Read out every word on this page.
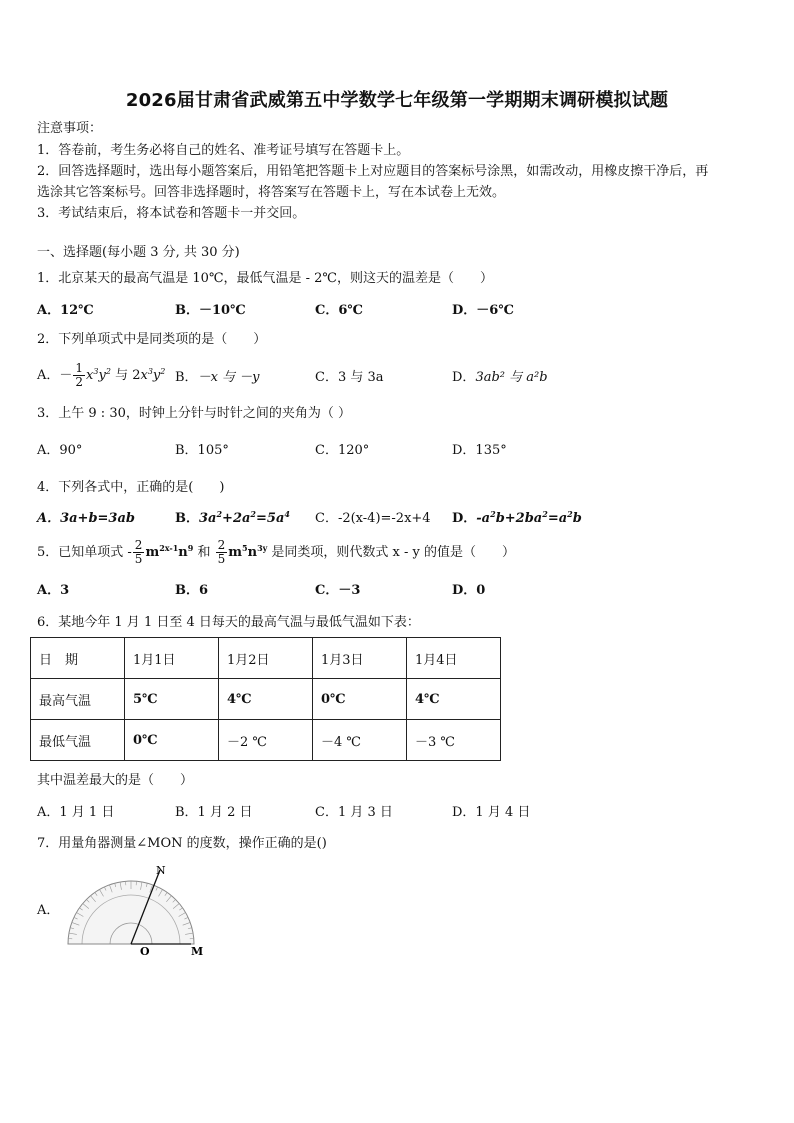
2026届甘肃省武威第五中学数学七年级第一学期期末调研模拟试题
注意事项：
1．答卷前，考生务必将自己的姓名、准考证号填写在答题卡上。
2．回答选择题时，选出每小题答案后，用铅笔把答题卡上对应题目的答案标号涂黑，如需改动，用橡皮擦干净后，再
选涂其它答案标号。回答非选择题时，将答案写在答题卡上，写在本试卷上无效。
3．考试结束后，将本试卷和答题卡一并交回。
一、选择题(每小题 3 分, 共 30 分)
1．北京某天的最高气温是 10℃，最低气温是 - 2℃，则这天的温差是（　　）
A．12℃	B．－10℃	C．6℃	D．－6℃
2．下列单项式中是同类项的是（　　）
A．－ $\frac{1}{2} x^3y^2$ 与 $2x^3y^2$ B．－x 与 －y	C．3 与 3a	D．3ab² 与 a²b
3．上午 9 : 30，时钟上分针与时针之间的夹角为（ ）
A．90°	B．105°	C．120°	D．135°
4．下列各式中，正确的是(　　)
A．3a+b=3ab	B．$3a^2+2a^2=5a^4$ C．-2(x-4)=-2x+4 D．$-a^2b+2ba^2=a^2b$
5．已知单项式 - $\frac{2}{5} m^{2x-1}n^9$ 和 $\frac{2}{5} m^5n^{3y}$ 是同类项，则代数式 x - y 的值是（　　）
A．3	B．6	C．－3	D．0
6．某地今年 1 月 1 日至 4 日每天的最高气温与最低气温如下表：
日　期	1月1日	1月2日	1月3日	1月4日
最高气温	5℃	4℃	0℃	4℃
最低气温	0℃	－2 ℃	－4 ℃	－3 ℃
其中温差最大的是（　　）
A．1 月 1 日	B．1 月 2 日	C．1 月 3 日	D．1 月 4 日
7．用量角器测量∠MON 的度数，操作正确的是()
A．
N
O	M
